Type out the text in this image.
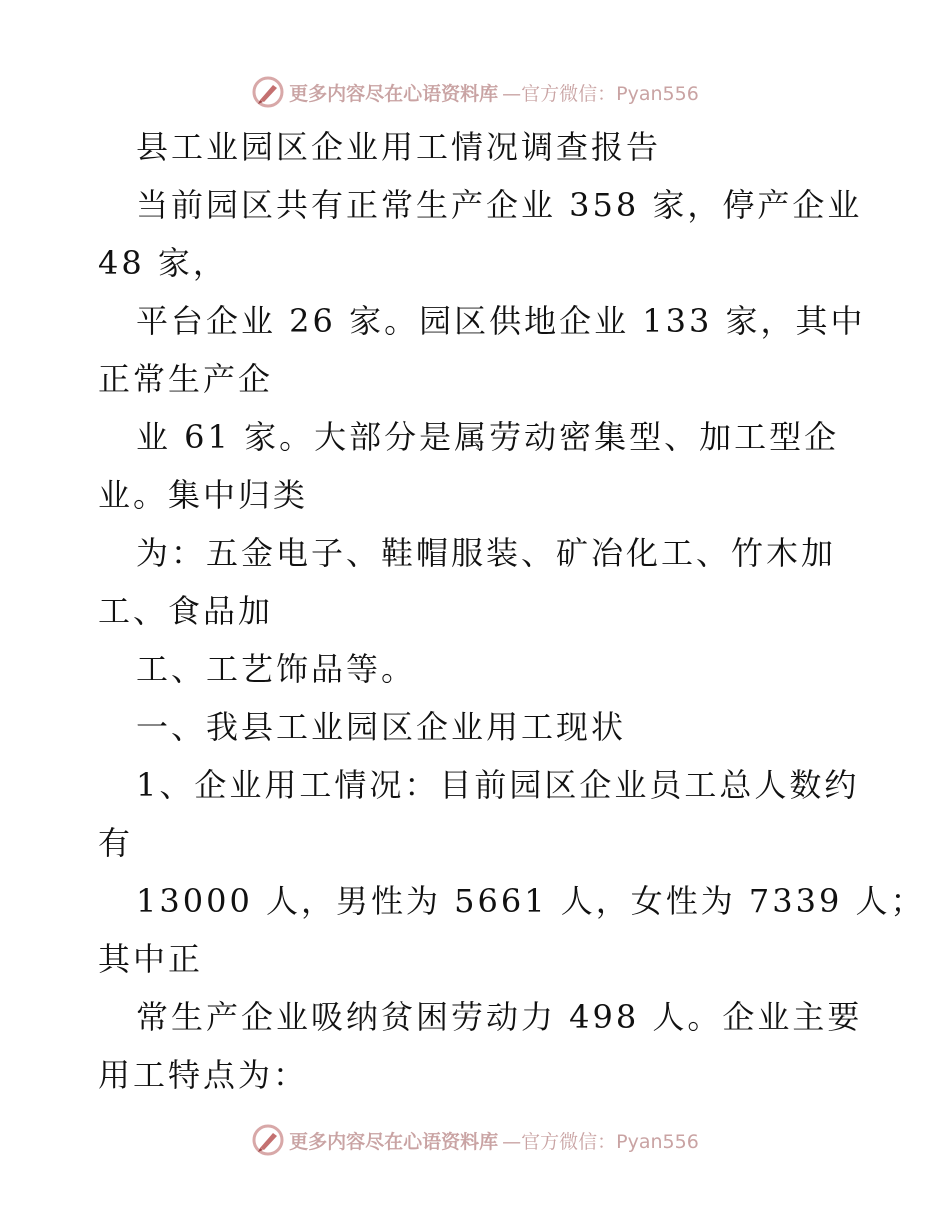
更多内容尽在心语资料库 —官方微信：Pyan556
县工业园区企业用工情况调查报告
当前园区共有正常生产企业 358 家，停产企业
48 家，
平台企业 26 家。园区供地企业 133 家，其中
正常生产企
业 61 家。大部分是属劳动密集型、加工型企
业。集中归类
为：五金电子、鞋帽服装、矿冶化工、竹木加
工、食品加
工、工艺饰品等。
一、我县工业园区企业用工现状
1、企业用工情况：目前园区企业员工总人数约
有
13000 人，男性为 5661 人，女性为 7339 人；
其中正
常生产企业吸纳贫困劳动力 498 人。企业主要
用工特点为：
更多内容尽在心语资料库 —官方微信：Pyan556
